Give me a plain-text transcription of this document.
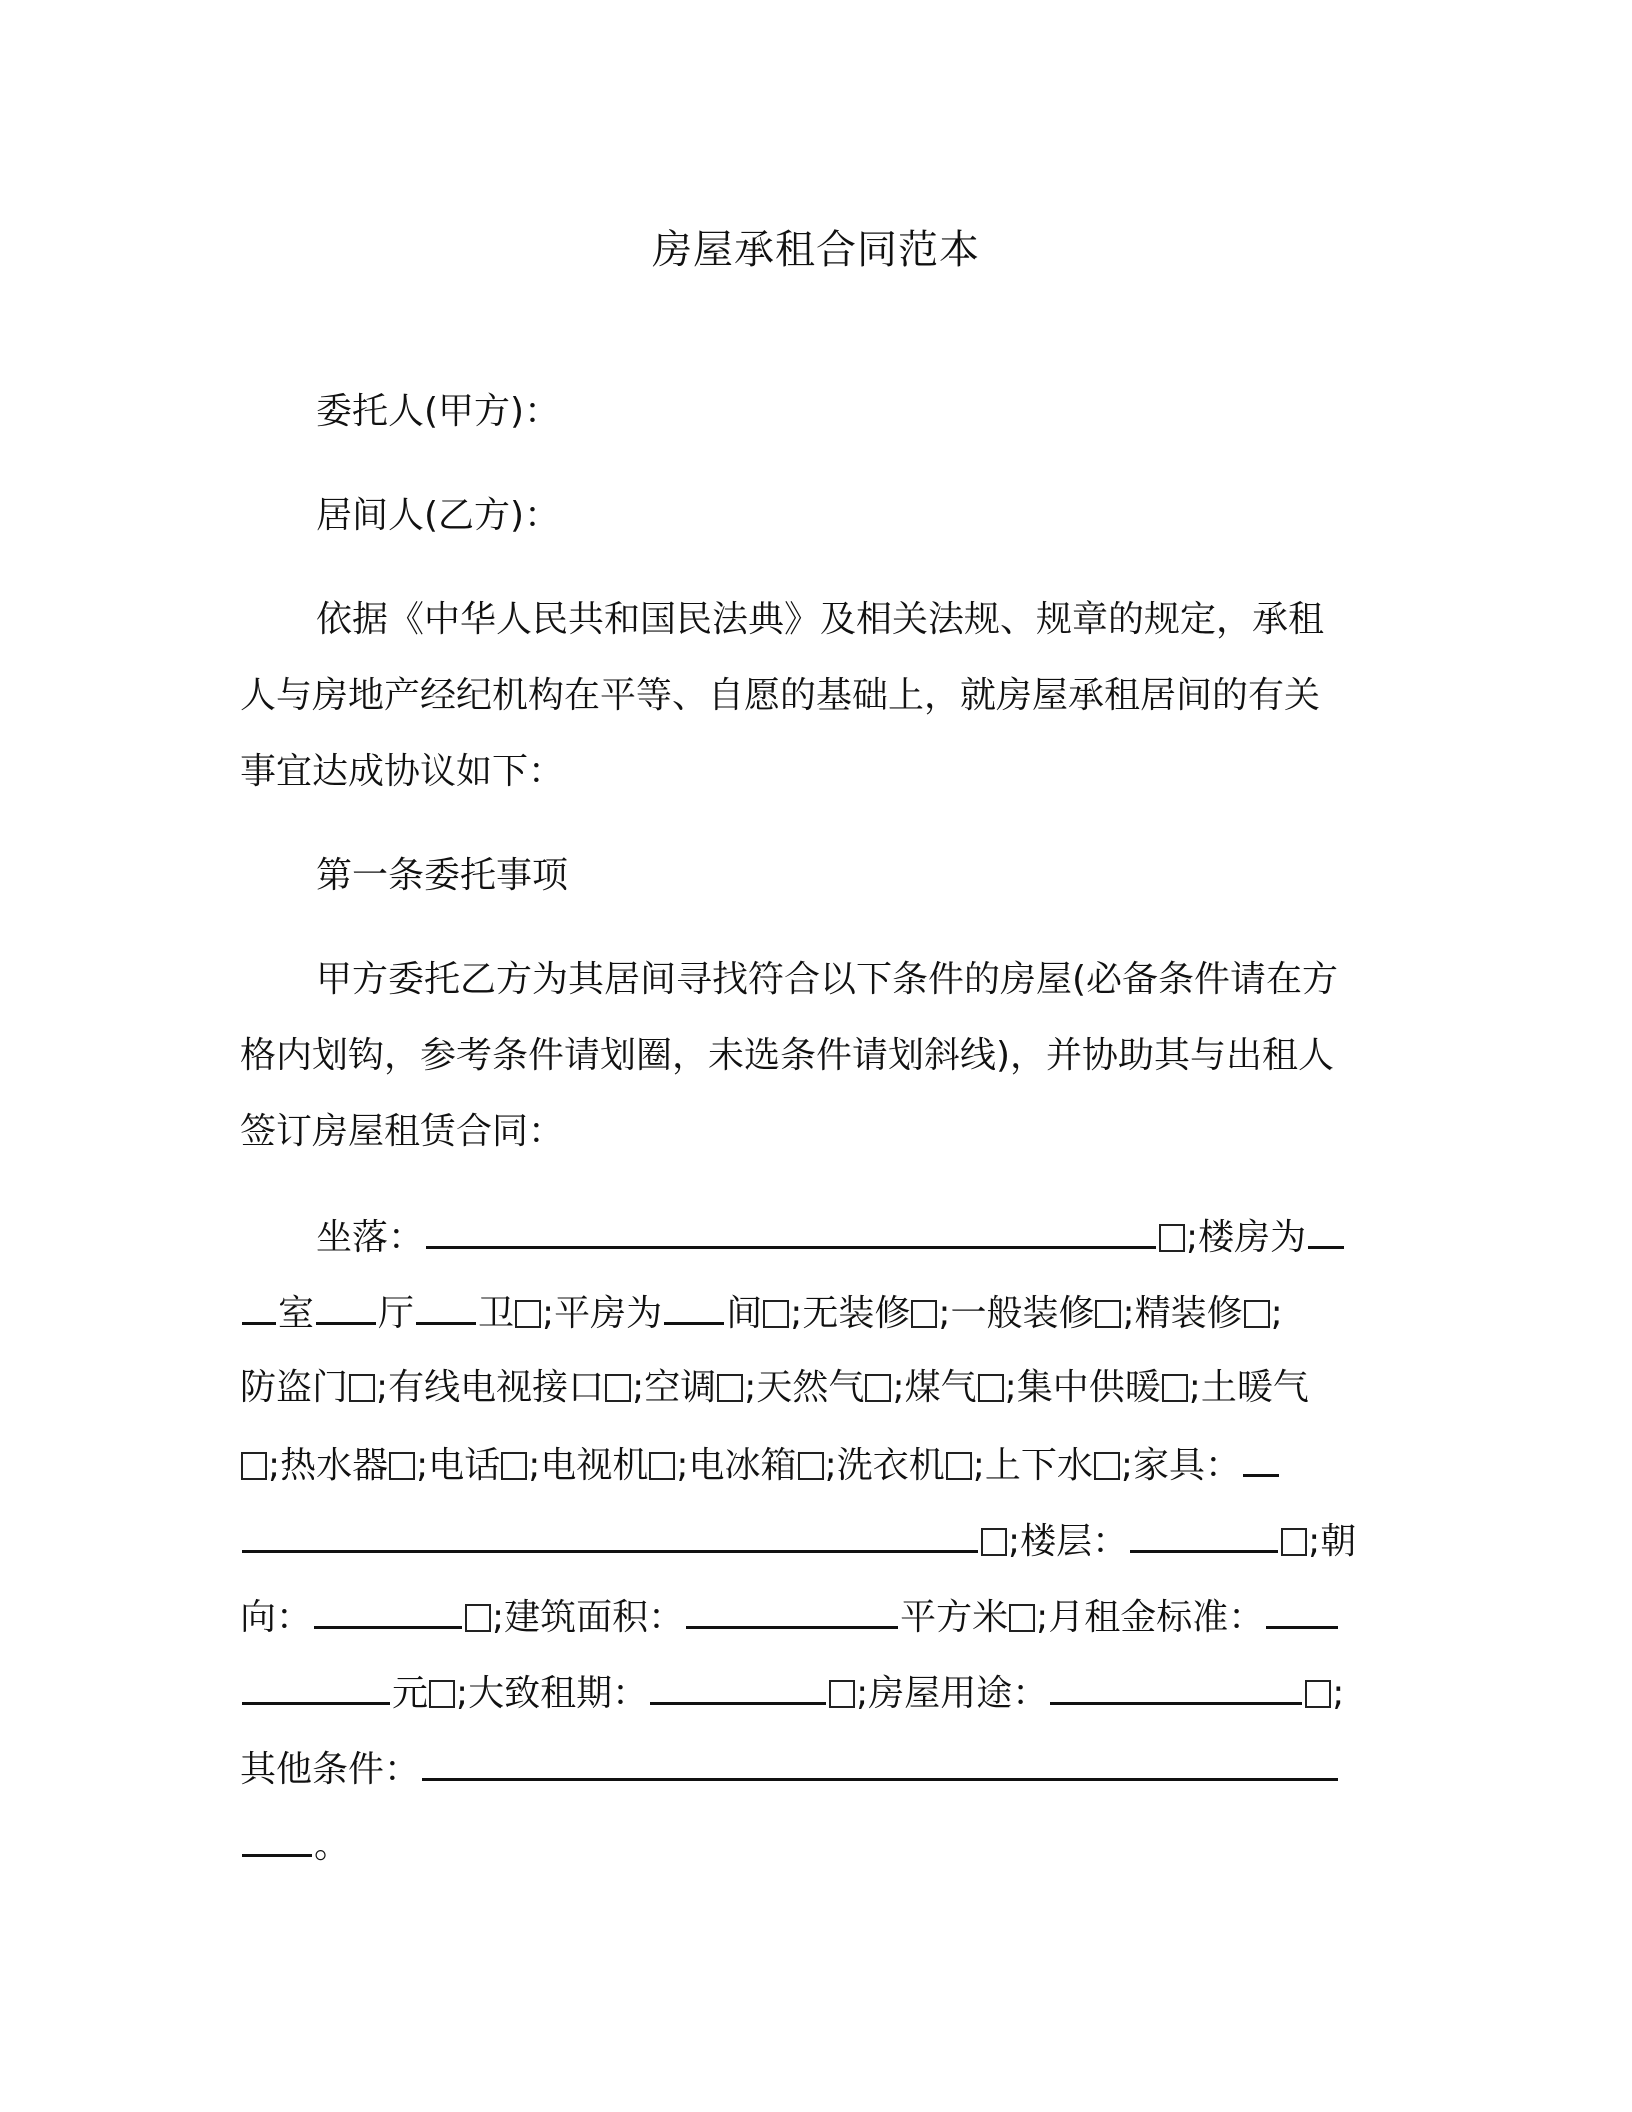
房屋承租合同范本
委托人(甲方)：
居间人(乙方)：
依据《中华人民共和国民法典》及相关法规、规章的规定，承租
人与房地产经纪机构在平等、自愿的基础上，就房屋承租居间的有关
事宜达成协议如下：
第一条委托事项
甲方委托乙方为其居间寻找符合以下条件的房屋(必备条件请在方
格内划钩，参考条件请划圈，未选条件请划斜线)，并协助其与出租人
签订房屋租赁合同：
坐落：	;楼房为
室 厅 卫 ;平房为 间 ;无装修 ;一般装修 ;精装修 ;
防盗门 ;有线电视接口 ;空调 ;天然气 ;煤气 ;集中供暖 ;土暖气
;热水器 ;电话 ;电视机 ;电冰箱 ;洗衣机 ;上下水 ;家具：
;楼层：	;朝
向：	;建筑面积：	平方米 ;月租金标准：
元 ;大致租期：	;房屋用途：	;
其他条件：
。
